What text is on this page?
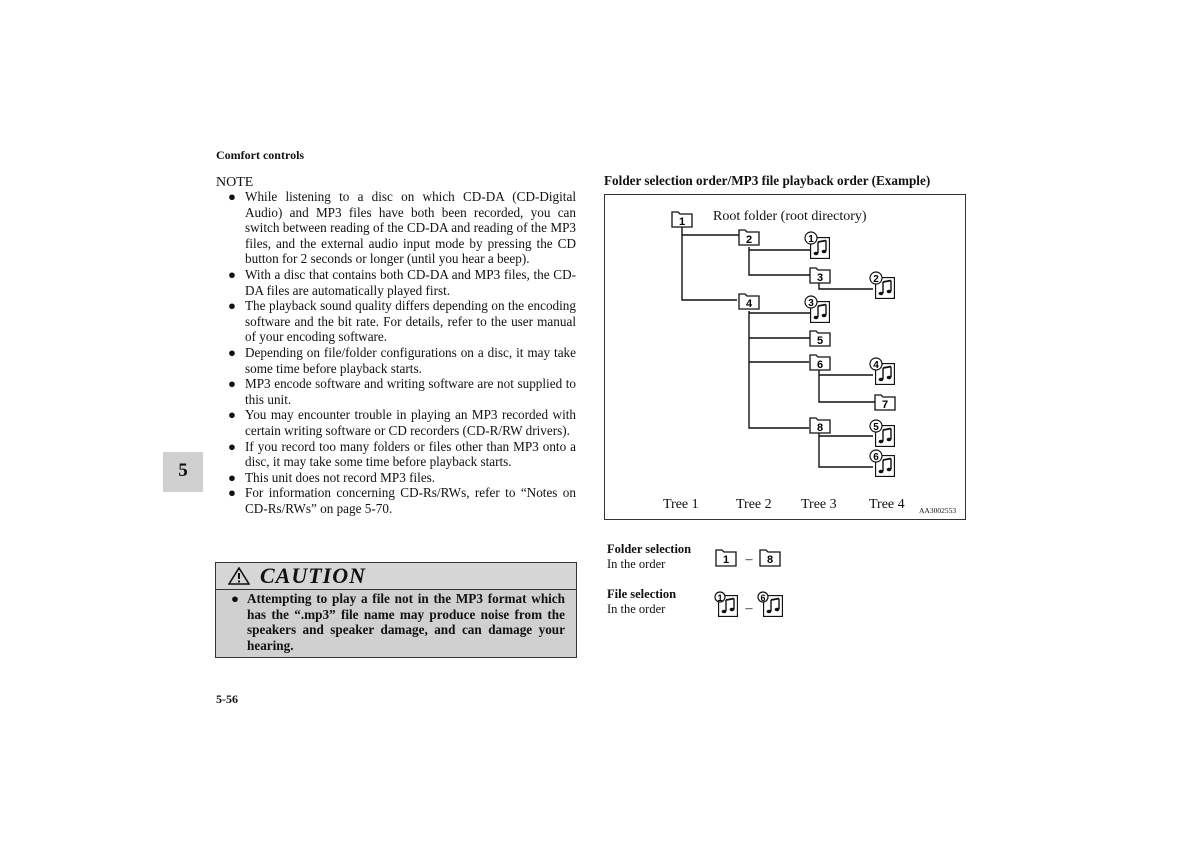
Comfort controls
NOTE
● While listening to a disc on which CD-DA (CD-Digital Audio) and MP3 files have both been recorded, you can switch between reading of the CD-DA and reading of the MP3 files, and the external audio input mode by pressing the CD button for 2 seconds or longer (until you hear a beep).
● With a disc that contains both CD-DA and MP3 files, the CD-DA files are automatically played first.
● The playback sound quality differs depending on the encoding software and the bit rate. For details, refer to the user manual of your encoding software.
● Depending on file/folder configurations on a disc, it may take some time before playback starts.
● MP3 encode software and writing software are not supplied to this unit.
● You may encounter trouble in playing an MP3 recorded with certain writing software or CD recorders (CD-R/RW drivers).
● If you record too many folders or files other than MP3 onto a disc, it may take some time before playback starts.
● This unit does not record MP3 files.
● For information concerning CD-Rs/RWs, refer to “Notes on CD-Rs/RWs” on page 5-70.
CAUTION
● Attempting to play a file not in the MP3 format which has the “.mp3” file name may produce noise from the speakers and speaker damage, and can damage your hearing.
5
5-56
Folder selection order/MP3 file playback order (Example)
1
2
3
4
5
6
7
8
1
2
3
4
5
6
Root folder (root directory)
Tree 1	Tree 2 Tree 3 Tree 4 AA3002553
Folder selection
In the order
File selection
In the order
1 – 8
1
–
6
